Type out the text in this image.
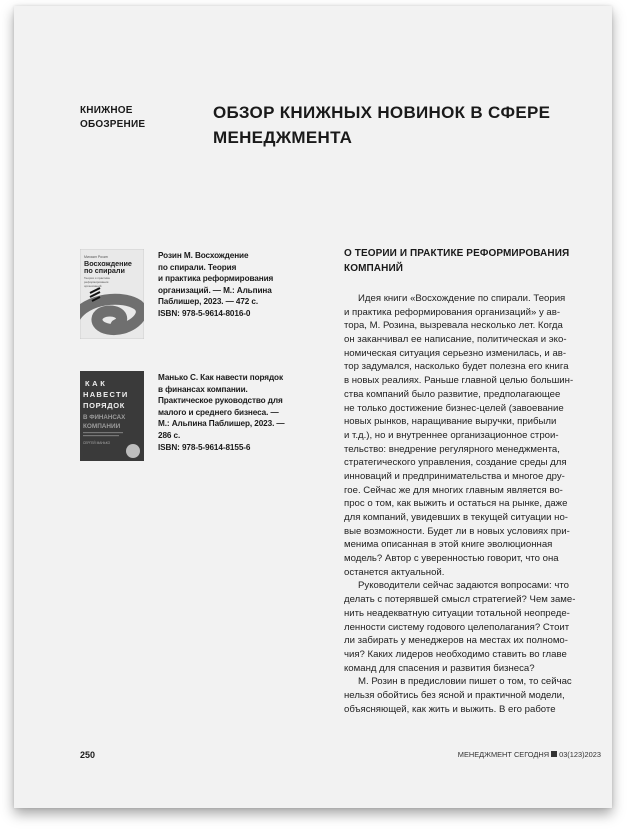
КНИЖНОЕ
ОБОЗРЕНИЕ
ОБЗОР КНИЖНЫХ НОВИНОК В СФЕРЕ
МЕНЕДЖМЕНТА
Михаил Розин
Восхождение
по спирали
Теория и практика
реформирования
организаций
Розин М. Восхождение
по спирали. Теория
и практика реформирования
организаций. — М.: Альпина
Паблишер, 2023. — 472 с.
ISBN: 978-5-9614-8016-0
КАК
НАВЕСТИ
ПОРЯДОК
В ФИНАНСАХ
КОМПАНИИ
СЕРГЕЙ МАНЬКО
Манько С. Как навести порядок
в финансах компании.
Практическое руководство для
малого и среднего бизнеса. —
М.: Альпина Паблишер, 2023. —
286 с.
ISBN: 978-5-9614-8155-6
О ТЕОРИИ И ПРАКТИКЕ РЕФОРМИРОВАНИЯ
КОМПАНИЙ
Идея книги «Восхождение по спирали. Теория
и практика реформирования организаций» у ав-
тора, М. Розина, вызревала несколько лет. Когда
он заканчивал ее написание, политическая и эко-
номическая ситуация серьезно изменилась, и ав-
тор задумался, насколько будет полезна его книга
в новых реалиях. Раньше главной целью большин-
ства компаний было развитие, предполагающее
не только достижение бизнес-целей (завоевание
новых рынков, наращивание выручки, прибыли
и т.д.), но и внутреннее организационное строи-
тельство: внедрение регулярного менеджмента,
стратегического управления, создание среды для
инноваций и предпринимательства и многое дру-
гое. Сейчас же для многих главным является во-
прос о том, как выжить и остаться на рынке, даже
для компаний, увидевших в текущей ситуации но-
вые возможности. Будет ли в новых условиях при-
менима описанная в этой книге эволюционная
модель? Автор с уверенностью говорит, что она
останется актуальной.
Руководители сейчас задаются вопросами: что
делать с потерявшей смысл стратегией? Чем заме-
нить неадекватную ситуации тотальной неопреде-
ленности систему годового целеполагания? Стоит
ли забирать у менеджеров на местах их полномо-
чия? Каких лидеров необходимо ставить во главе
команд для спасения и развития бизнеса?
М. Розин в предисловии пишет о том, то сейчас
нельзя обойтись без ясной и практичной модели,
объясняющей, как жить и выжить. В его работе
250	МЕНЕДЖМЕНТ СЕГОДНЯ 03(123)2023
